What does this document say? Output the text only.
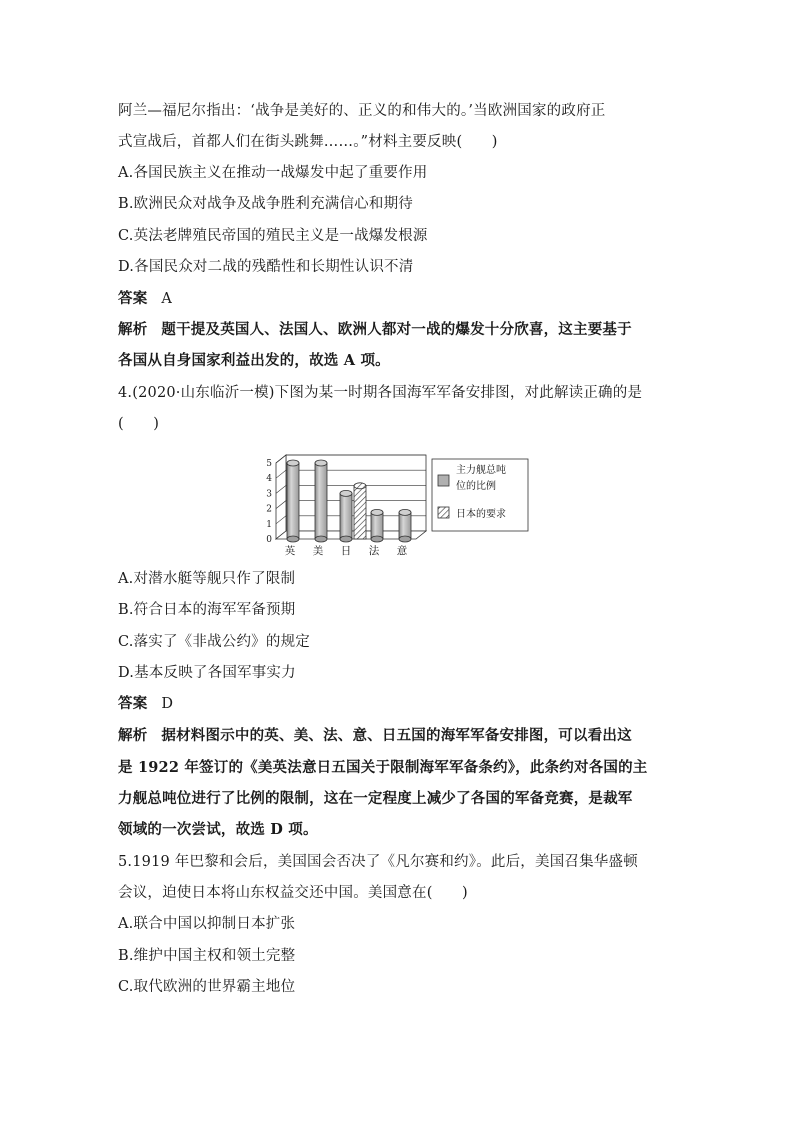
阿兰—福尼尔指出：‘战争是美好的、正义的和伟大的。’当欧洲国家的政府正
式宣战后，首都人们在街头跳舞……。”材料主要反映(　　)
A.各国民族主义在推动一战爆发中起了重要作用
B.欧洲民众对战争及战争胜利充满信心和期待
C.英法老牌殖民帝国的殖民主义是一战爆发根源
D.各国民众对二战的残酷性和长期性认识不清
答案 A
解析 题干提及英国人、法国人、欧洲人都对一战的爆发十分欣喜，这主要基于
各国从自身国家利益出发的，故选 A 项。
4.(2020·山东临沂一模)下图为某一时期各国海军军备安排图，对此解读正确的是
(　　)
0
1
2
3
4
5
英 美 日 法 意
主力舰总吨
位的比例
日本的要求
A.对潜水艇等舰只作了限制
B.符合日本的海军军备预期
C.落实了《非战公约》的规定
D.基本反映了各国军事实力
答案 D
解析 据材料图示中的英、美、法、意、日五国的海军军备安排图，可以看出这
是 1922 年签订的《美英法意日五国关于限制海军军备条约》，此条约对各国的主
力舰总吨位进行了比例的限制，这在一定程度上减少了各国的军备竞赛，是裁军
领域的一次尝试，故选 D 项。
5.1919 年巴黎和会后，美国国会否决了《凡尔赛和约》。此后，美国召集华盛顿
会议，迫使日本将山东权益交还中国。美国意在(　　)
A.联合中国以抑制日本扩张
B.维护中国主权和领土完整
C.取代欧洲的世界霸主地位
